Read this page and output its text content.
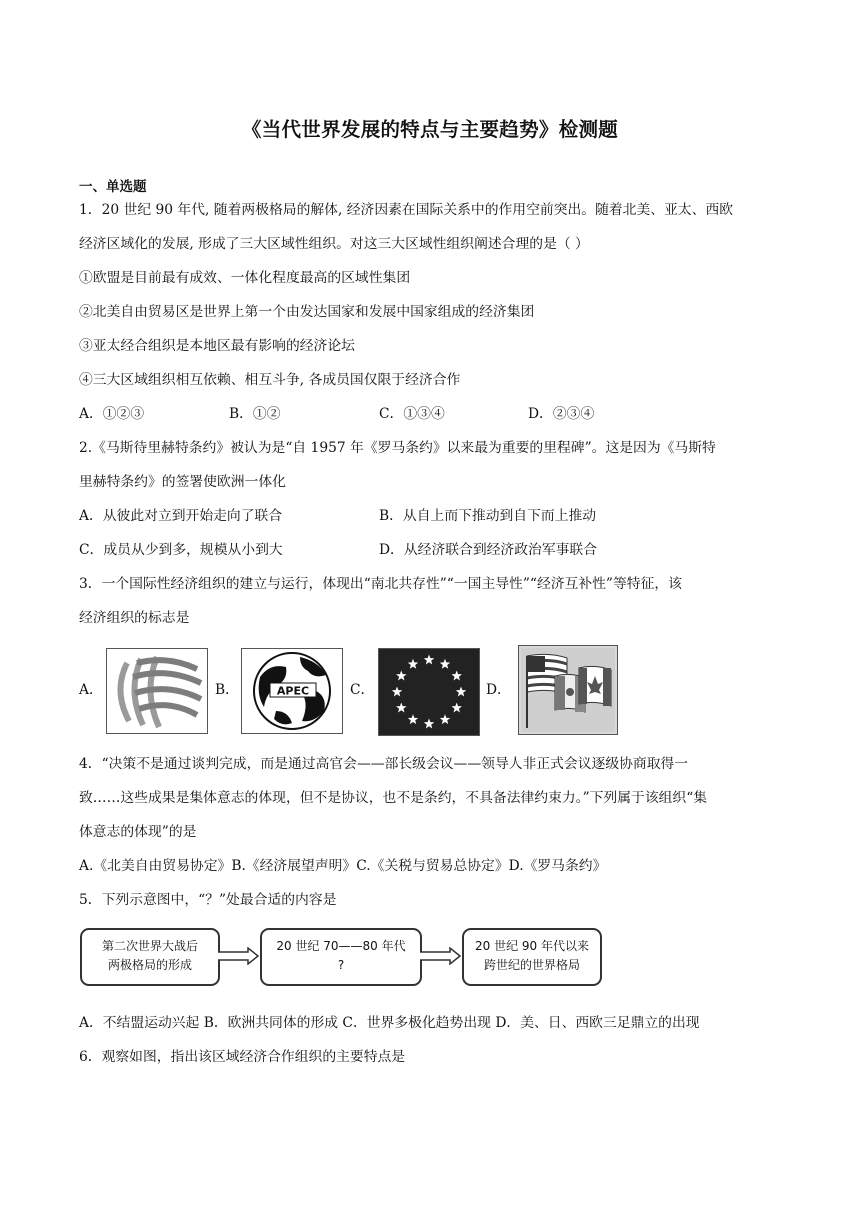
《当代世界发展的特点与主要趋势》检测题
一、单选题
1．20 世纪 90 年代, 随着两极格局的解体, 经济因素在国际关系中的作用空前突出。随着北美、亚太、西欧
经济区域化的发展, 形成了三大区域性组织。对这三大区域性组织阐述合理的是（ ）
①欧盟是目前最有成效、一体化程度最高的区域性集团
②北美自由贸易区是世界上第一个由发达国家和发展中国家组成的经济集团
③亚太经合组织是本地区最有影响的经济论坛
④三大区域组织相互依赖、相互斗争, 各成员国仅限于经济合作
A．①②③	B．①②	C．①③④	D．②③④
2.《马斯待里赫特条约》被认为是“自 1957 年《罗马条约》以来最为重要的里程碑”。这是因为《马斯特
里赫特条约》的签署使欧洲一体化
A．从彼此对立到开始走向了联合	B．从自上而下推动到自下而上推动
C．成员从少到多，规模从小到大	D．从经济联合到经济政治军事联合
3．一个国际性经济组织的建立与运行，体现出“南北共存性”“一国主导性”“经济互补性”等特征，该
经济组织的标志是
A．	B．	APEC	C．	D．
4．“决策不是通过谈判完成，而是通过高官会——部长级会议——领导人非正式会议逐级协商取得一
致……这些成果是集体意志的体现，但不是协议，也不是条约，不具备法律约束力。”下列属于该组织“集
体意志的体现”的是
A.《北美自由贸易协定》B.《经济展望声明》C.《关税与贸易总协定》D.《罗马条约》
5．下列示意图中，“？”处最合适的内容是
第二次世界大战后
两极格局的形成
20 世纪 70——80 年代
?
20 世纪 90 年代以来
跨世纪的世界格局
A．不结盟运动兴起 B．欧洲共同体的形成 C．世界多极化趋势出现 D．美、日、西欧三足鼎立的出现
6．观察如图，指出该区域经济合作组织的主要特点是
